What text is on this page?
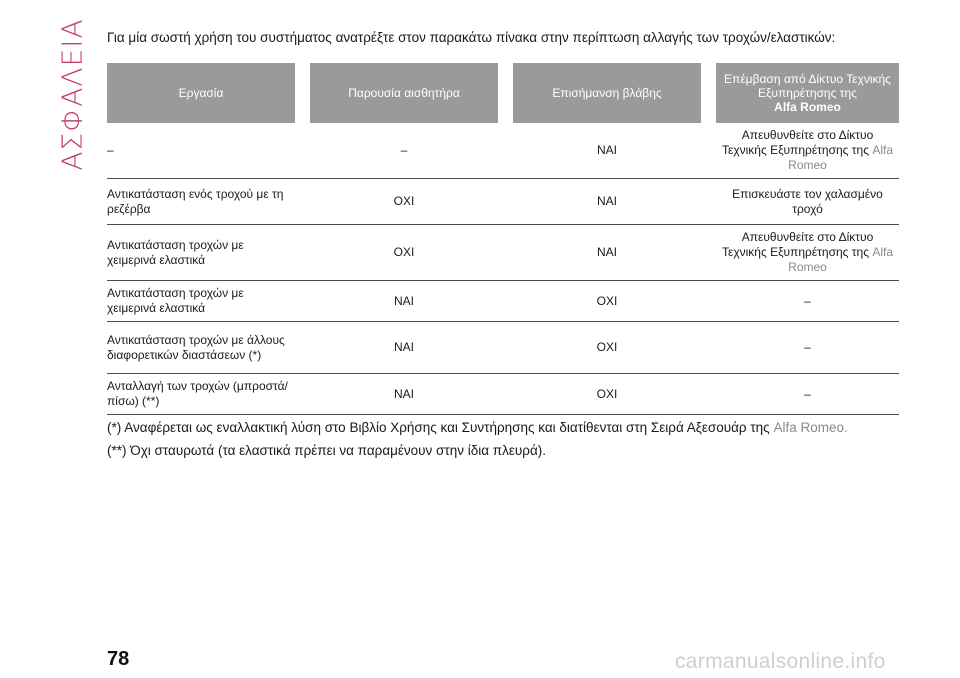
ΑΣΦΑΛΕΙΑ Για μία σωστή χρήση του συστήματος ανατρέξτε στον παρακάτω πίνακα στην περίπτωση αλλαγής των τροχών/ελαστικών:
Εργασία		Παρουσία αισθητήρα		Επισήμανση βλάβης		Επέμβαση από Δίκτυο Τεχνικής Εξυπηρέτησης της
Alfa Romeo

–		–		ΝΑΙ		Απευθυνθείτε στο Δίκτυο Τεχνικής Εξυπηρέτησης της Alfa Romeo
Αντικατάσταση ενός τροχού με τη ρεζέρβα		ΟΧΙ		ΝΑΙ		Επισκευάστε τον χαλασμένο τροχό
Αντικατάσταση τροχών με χειμερινά ελαστικά		ΟΧΙ		ΝΑΙ		Απευθυνθείτε στο Δίκτυο Τεχνικής Εξυπηρέτησης της Alfa Romeo
Αντικατάσταση τροχών με χειμερινά ελαστικά		ΝΑΙ		ΟΧΙ		–
Αντικατάσταση τροχών με άλλους διαφορετικών διαστάσεων (*)		ΝΑΙ		ΟΧΙ		–
Ανταλλαγή των τροχών (μπροστά/πίσω) (**)		ΝΑΙ		ΟΧΙ		–

(*) Αναφέρεται ως εναλλακτική λύση στο Βιβλίο Χρήσης και Συντήρησης και διατίθενται στη Σειρά Αξεσουάρ της Alfa Romeo.

(**) Όχι σταυρωτά (τα ελαστικά πρέπει να παραμένουν στην ίδια πλευρά).

78	carmanualsonline.info
